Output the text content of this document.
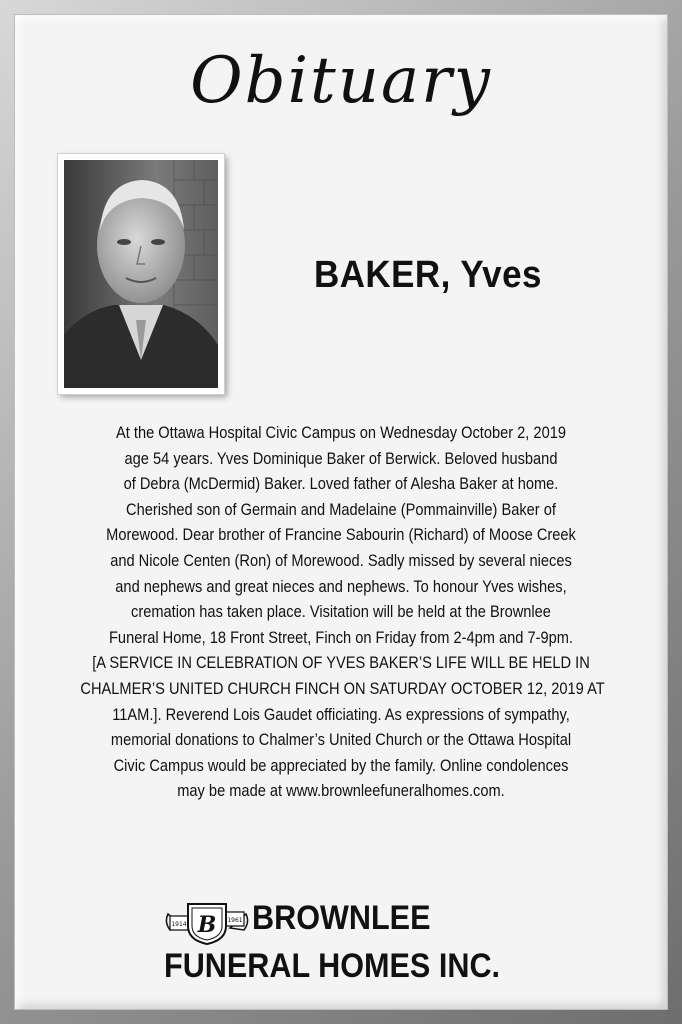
Obituary
BAKER, Yves
At the Ottawa Hospital Civic Campus on Wednesday October 2, 2019
age 54 years. Yves Dominique Baker of Berwick. Beloved husband
of Debra (McDermid) Baker. Loved father of Alesha Baker at home.
Cherished son of Germain and Madelaine (Pommainville) Baker of
Morewood. Dear brother of Francine Sabourin (Richard) of Moose Creek
and Nicole Centen (Ron) of Morewood. Sadly missed by several nieces
and nephews and great nieces and nephews. To honour Yves wishes,
cremation has taken place. Visitation will be held at the Brownlee
Funeral Home, 18 Front Street, Finch on Friday from 2-4pm and 7-9pm.
[A SERVICE IN CELEBRATION OF YVES BAKER’S LIFE WILL BE HELD IN
CHALMER’S UNITED CHURCH FINCH ON SATURDAY OCTOBER 12, 2019 AT
11AM.]. Reverend Lois Gaudet officiating. As expressions of sympathy,
memorial donations to Chalmer’s United Church or the Ottawa Hospital
Civic Campus would be appreciated by the family. Online condolences
may be made at www.brownleefuneralhomes.com.
B
1914
1961 BROWNLEE
FUNERAL HOMES INC.
